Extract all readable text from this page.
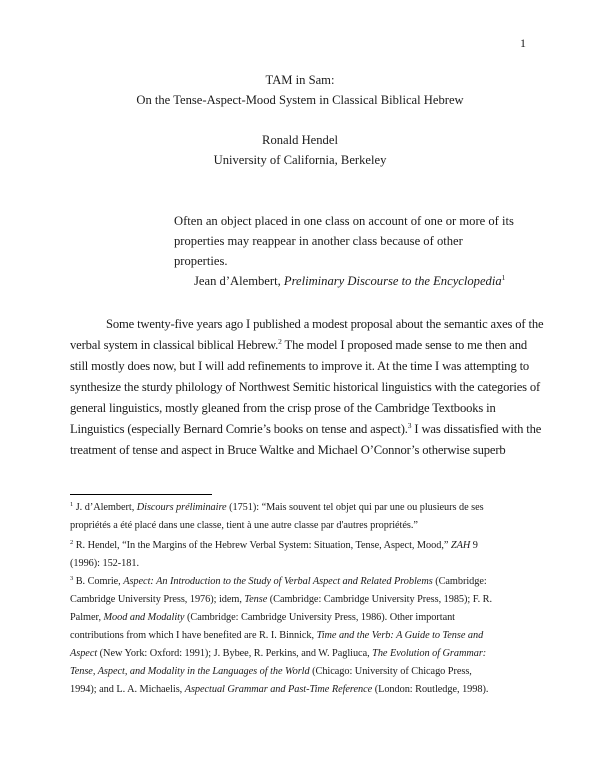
1
TAM in Sam:
On the Tense-Aspect-Mood System in Classical Biblical Hebrew
Ronald Hendel
University of California, Berkeley
Often an object placed in one class on account of one or more of its
properties may reappear in another class because of other properties.
Jean d’Alembert, Preliminary Discourse to the Encyclopedia$^1$
Some twenty-five years ago I published a modest proposal about the semantic axes of the
verbal system in classical biblical Hebrew.$^2$ The model I proposed made sense to me then and
still mostly does now, but I will add refinements to improve it. At the time I was attempting to
synthesize the sturdy philology of Northwest Semitic historical linguistics with the categories of
general linguistics, mostly gleaned from the crisp prose of the Cambridge Textbooks in
Linguistics (especially Bernard Comrie’s books on tense and aspect).$^3$ I was dissatisfied with the
treatment of tense and aspect in Bruce Waltke and Michael O’Connor’s otherwise superb
$^1$ J. d’Alembert, Discours préliminaire (1751): “Mais souvent tel objet qui par une ou plusieurs de ses
propriétés a été placé dans une classe, tient à une autre classe par d'autres propriétés.”
$^2$ R. Hendel, “In the Margins of the Hebrew Verbal System: Situation, Tense, Aspect, Mood,” ZAH 9
(1996): 152-181.
$^3$ B. Comrie, Aspect: An Introduction to the Study of Verbal Aspect and Related Problems (Cambridge:
Cambridge University Press, 1976); idem, Tense (Cambridge: Cambridge University Press, 1985); F. R.
Palmer, Mood and Modality (Cambridge: Cambridge University Press, 1986). Other important
contributions from which I have benefited are R. I. Binnick, Time and the Verb: A Guide to Tense and
Aspect (New York: Oxford: 1991); J. Bybee, R. Perkins, and W. Pagliuca, The Evolution of Grammar:
Tense, Aspect, and Modality in the Languages of the World (Chicago: University of Chicago Press,
1994); and L. A. Michaelis, Aspectual Grammar and Past-Time Reference (London: Routledge, 1998).
